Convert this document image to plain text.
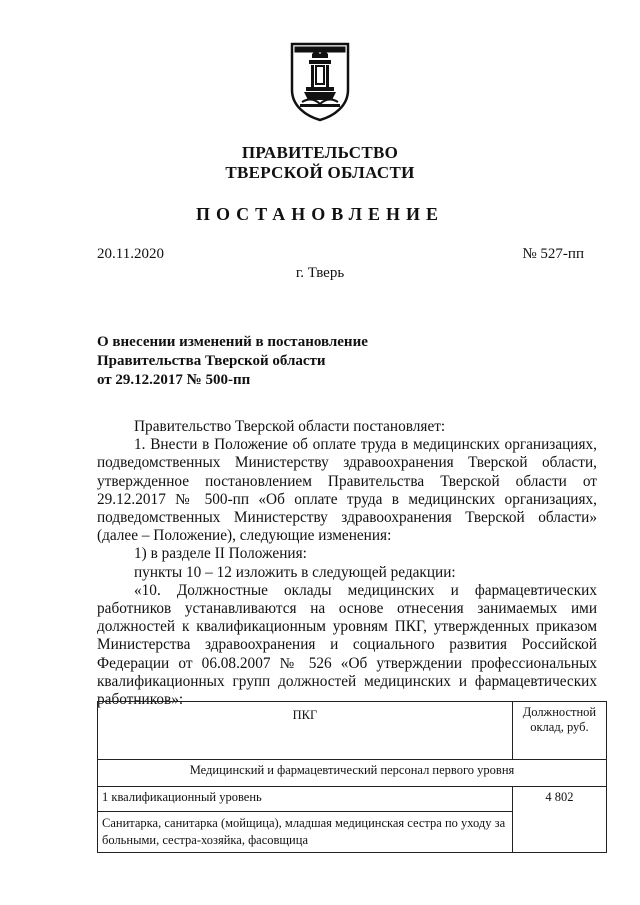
ПРАВИТЕЛЬСТВО
ТВЕРСКОЙ ОБЛАСТИ
ПОСТАНОВЛЕНИЕ
20.11.2020	№ 527-пп
г. Тверь
О внесении изменений в постановление
Правительства Тверской области
от 29.12.2017 № 500-пп

Правительство Тверской области постановляет:

1. Внести в Положение об оплате труда в медицинских организациях, подведомственных Министерству здравоохранения Тверской области, утвержденное постановлением Правительства Тверской области от 29.12.2017 № 500-пп «Об оплате труда в медицинских организациях, подведомственных Министерству здравоохранения Тверской области» (далее – Положение), следующие изменения:

1) в разделе II Положения:

пункты 10 – 12 изложить в следующей редакции:

«10. Должностные оклады медицинских и фармацевтических работников устанавливаются на основе отнесения занимаемых ими должностей к квалификационным уровням ПКГ, утвержденных приказом Министерства здравоохранения и социального развития Российской Федерации от 06.08.2007 № 526 «Об утверждении профессиональных квалификационных групп должностей медицинских и фармацевтических работников»:

ПКГ	Должностной оклад, руб.
Медицинский и фармацевтический персонал первого уровня	
1 квалификационный уровень	4 802
Санитарка, санитарка (мойщица), младшая медицинская сестра по уходу за больными, сестра-хозяйка, фасовщица	
